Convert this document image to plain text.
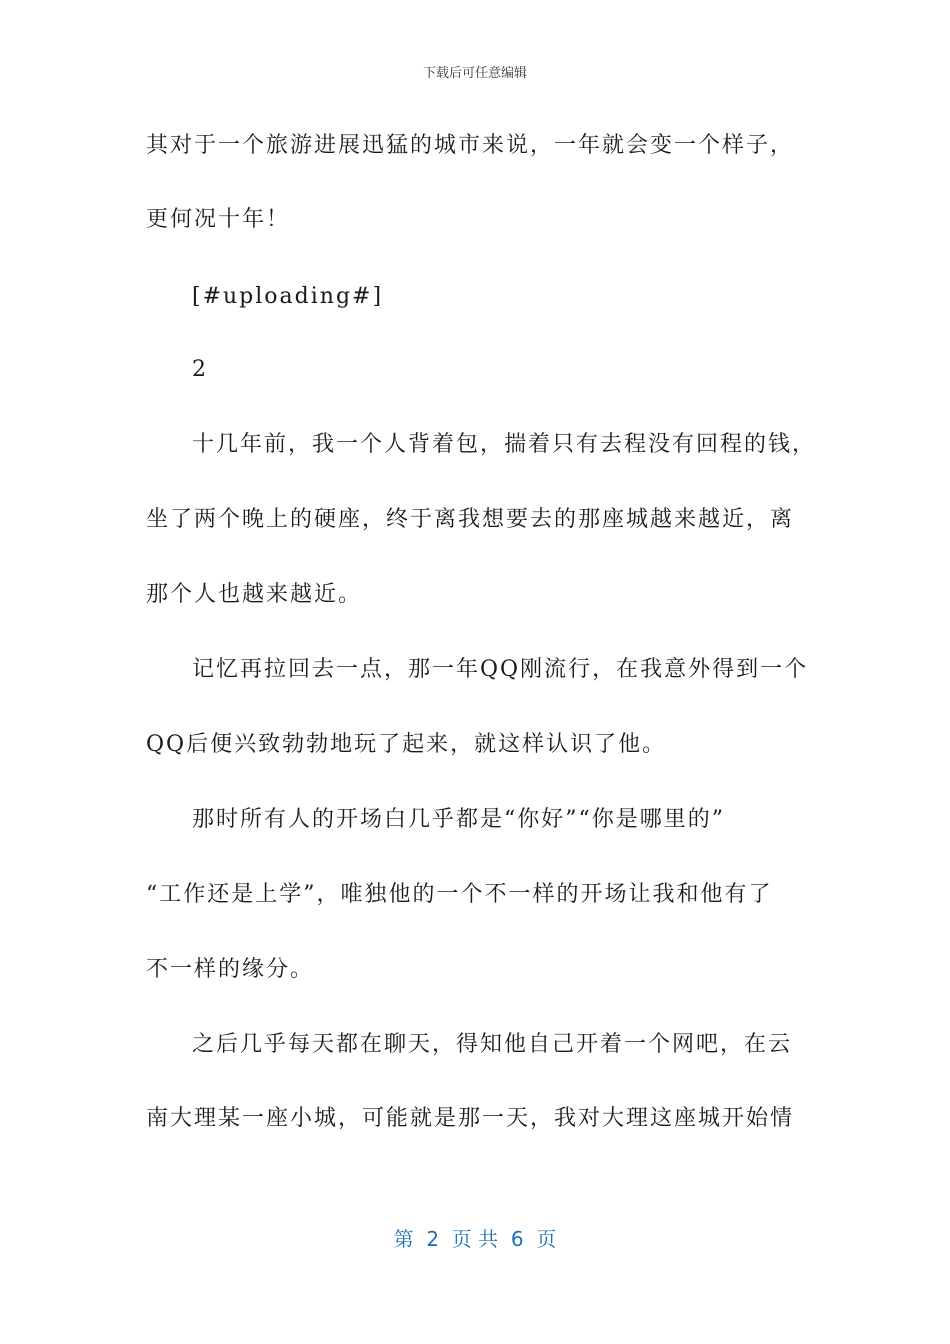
下载后可任意编辑
其对于一个旅游进展迅猛的城市来说，一年就会变一个样子，
更何况十年！
[#uploading#]
2
十几年前，我一个人背着包，揣着只有去程没有回程的钱，
坐了两个晚上的硬座，终于离我想要去的那座城越来越近，离
那个人也越来越近。
记忆再拉回去一点，那一年QQ刚流行，在我意外得到一个
QQ后便兴致勃勃地玩了起来，就这样认识了他。
那时所有人的开场白几乎都是“你好”“你是哪里的”
“工作还是上学”，唯独他的一个不一样的开场让我和他有了
不一样的缘分。
之后几乎每天都在聊天，得知他自己开着一个网吧，在云
南大理某一座小城，可能就是那一天，我对大理这座城开始情
第  2  页 共  6  页
